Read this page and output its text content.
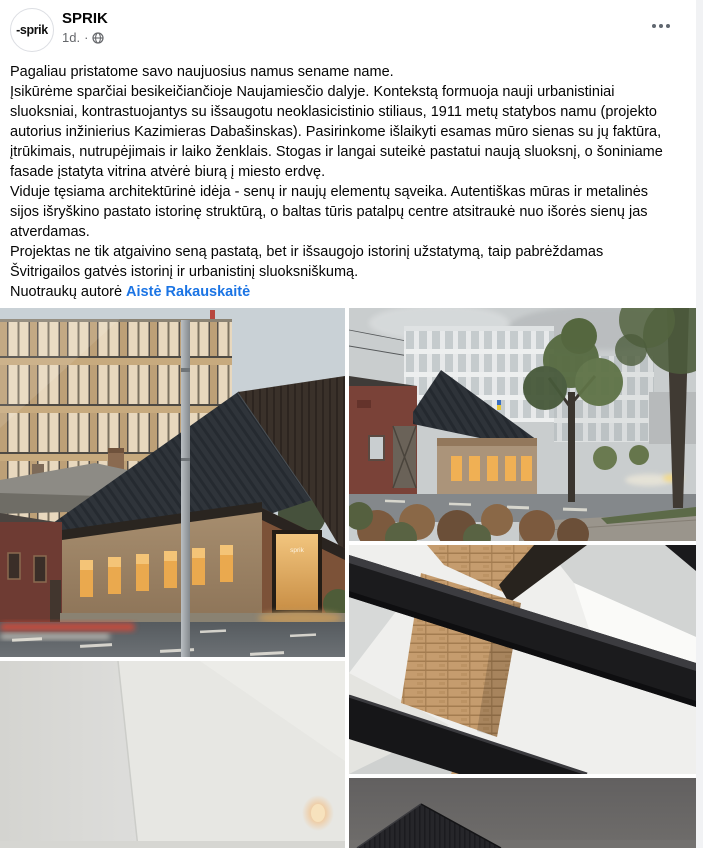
-sprik
SPRIK
1d. ·
Pagaliau pristatome savo naujuosius namus sename name.
Įsikūrėme sparčiai besikeičiančioje Naujamiesčio dalyje. Kontekstą formuoja nauji urbanistiniai
sluoksniai, kontrastuojantys su išsaugotu neoklasicistinio stiliaus, 1911 metų statybos namu (projekto
autorius inžinierius Kazimieras Dabašinskas). Pasirinkome išlaikyti esamas mūro sienas su jų faktūra,
įtrūkimais, nutrupėjimais ir laiko ženklais. Stogas ir langai suteikė pastatui naują sluoksnį, o šoniniame
fasade įstatyta vitrina atvėrė biurą į miesto erdvę.
Viduje tęsiama architektūrinė idėja - senų ir naujų elementų sąveika. Autentiškas mūras ir metalinės
sijos išryškino pastato istorinę struktūrą, o baltas tūris patalpų centre atsitraukė nuo išorės sienų jas
atverdamas.
Projektas ne tik atgaivino seną pastatą, bet ir išsaugojo istorinį užstatymą, taip pabrėždamas
Švitrigailos gatvės istorinį ir urbanistinį sluoksniškumą.
Nuotraukų autorė Aistė Rakauskaitė
sprik
